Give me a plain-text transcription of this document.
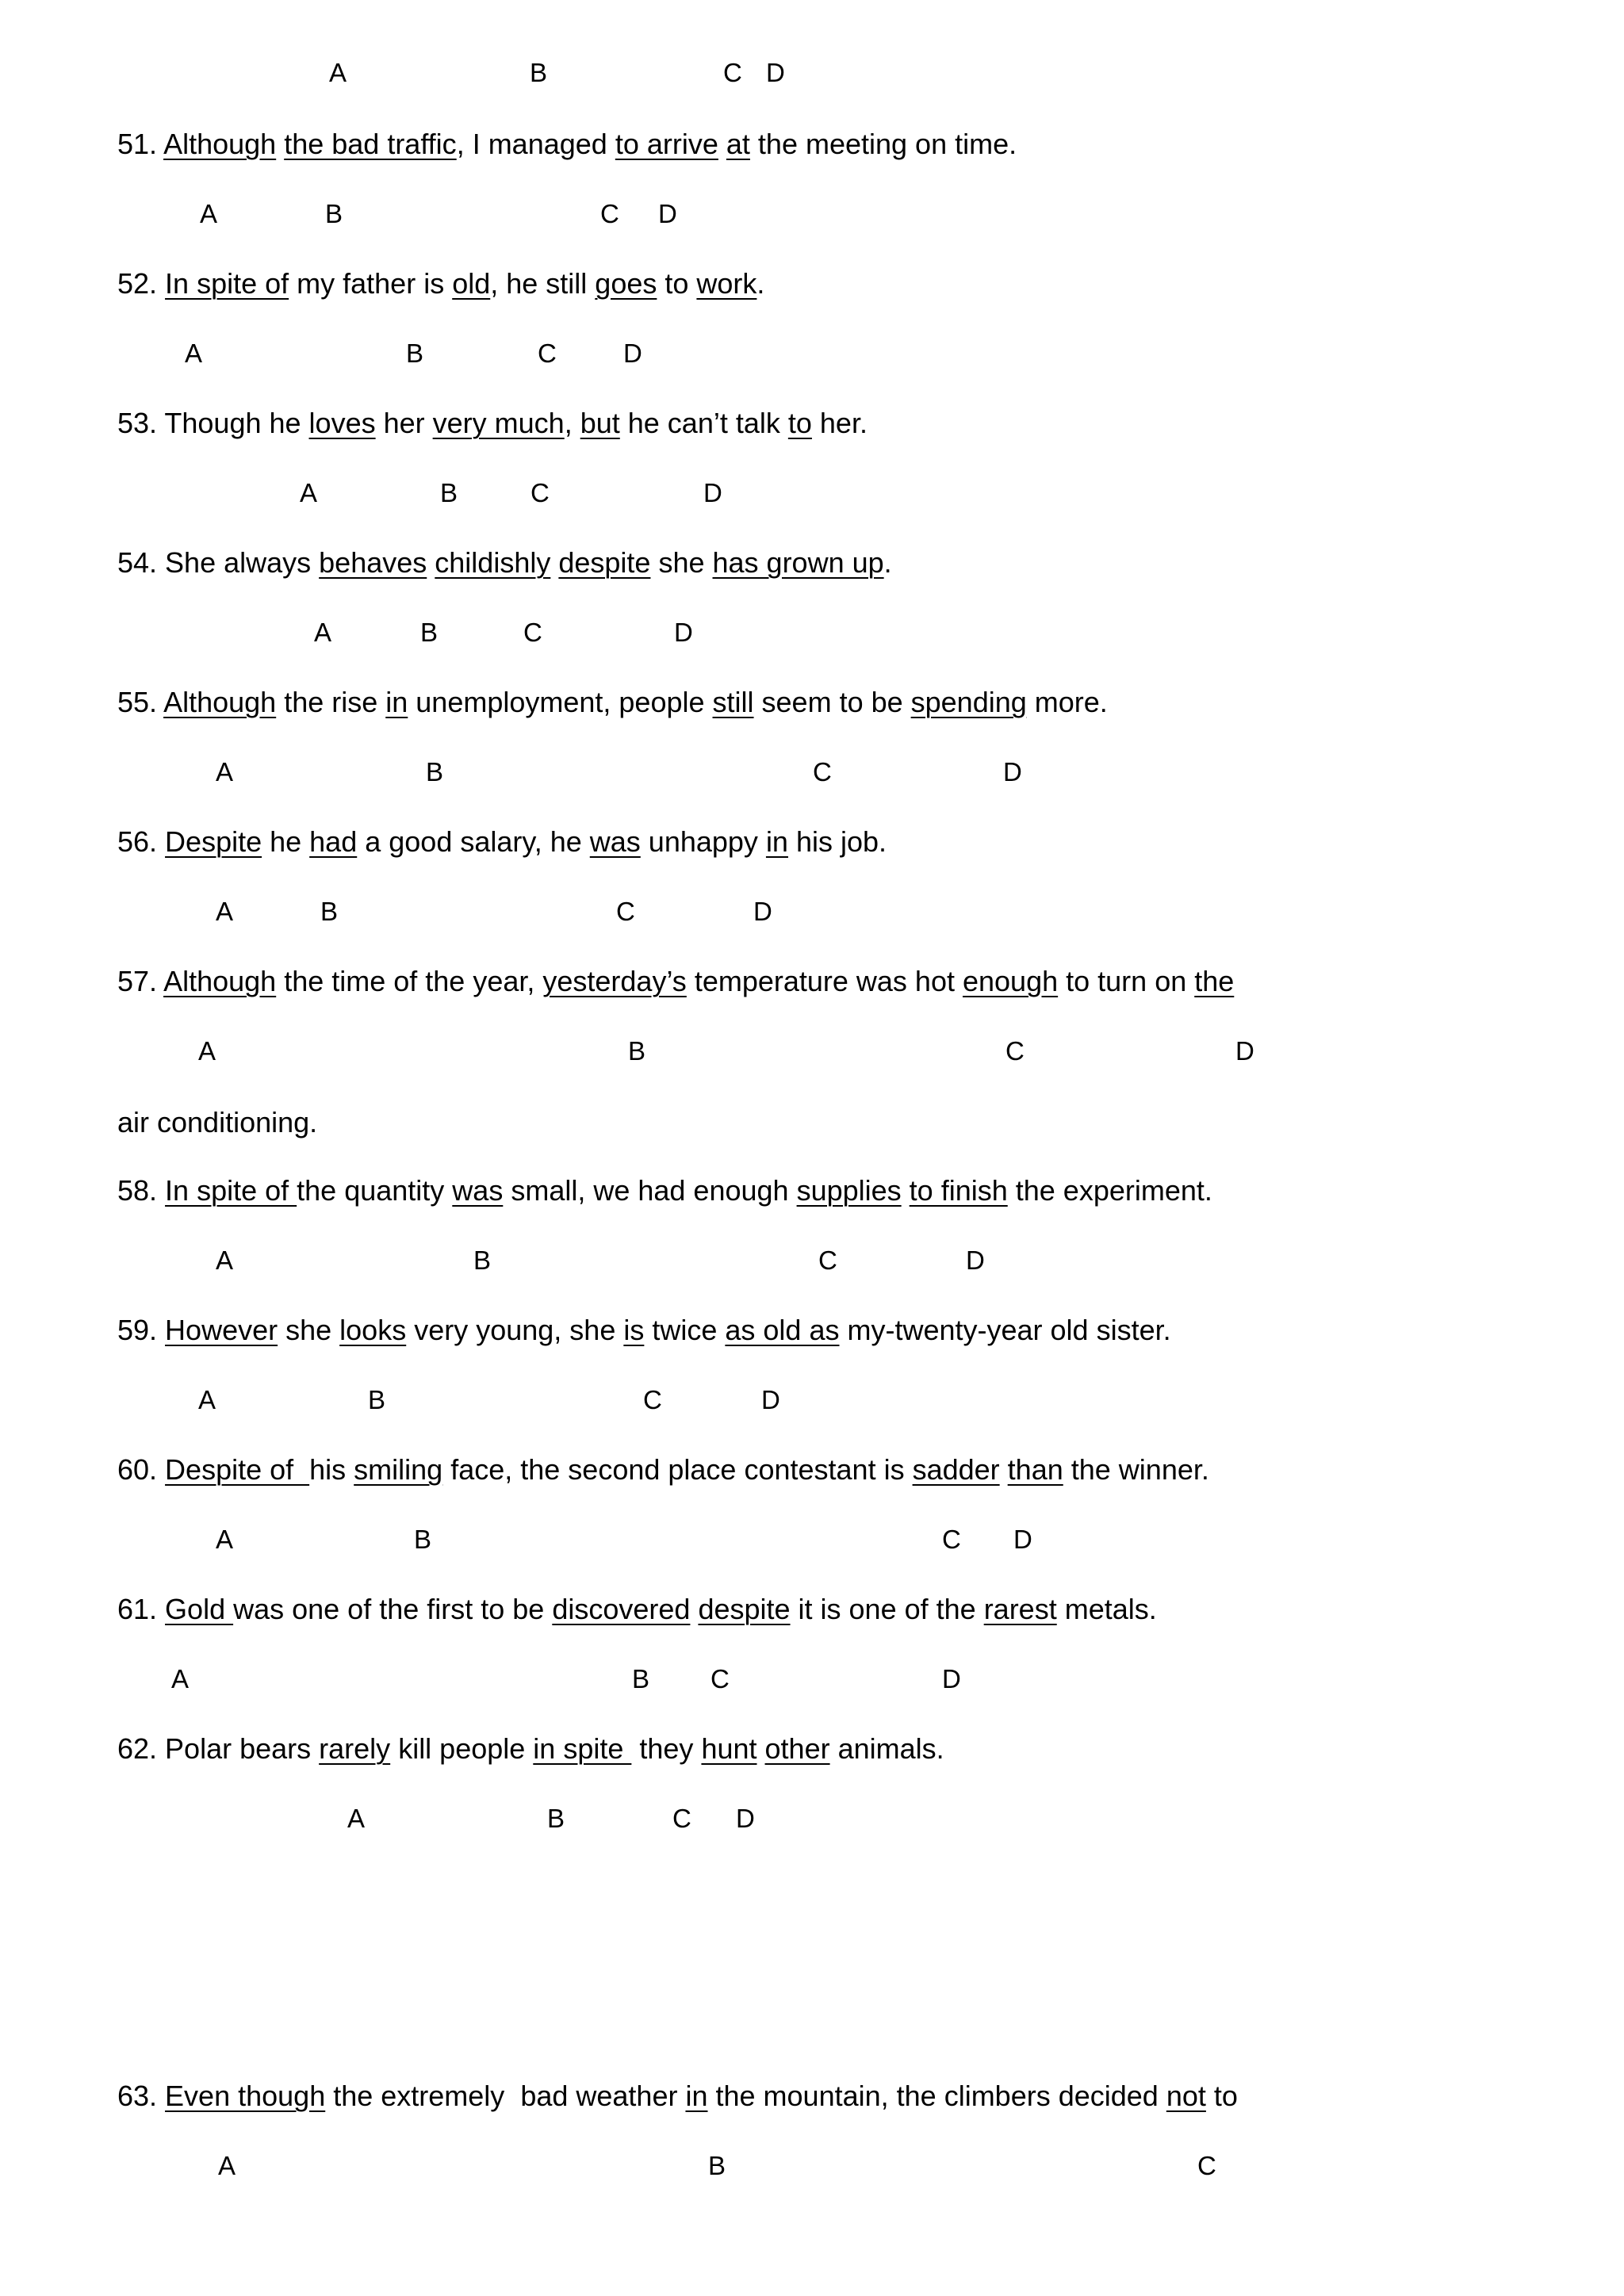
A	B	C D
51. Although the bad traffic, I managed to arrive at the meeting on time.
A	B	C D
52. In spite of my father is old, he still goes to work.
A	B	C	D
53. Though he loves her very much, but he can’t talk to her.
A	B	C	D
54. She always behaves childishly despite she has grown up.
A	B	C	D
55. Although the rise in unemployment, people still seem to be spending more.
A	B	C	D
56. Despite he had a good salary, he was unhappy in his job.
A	B	C	D
57. Although the time of the year, yesterday’s temperature was hot enough to turn on the
A	B	C	D
air conditioning.
58. In spite of the quantity was small, we had enough supplies to finish the experiment.
A	B	C	D
59. However she looks very young, she is twice as old as my-twenty-year old sister.
A	B	C	D
60. Despite of  his smiling face, the second place contestant is sadder than the winner.
A	B	C D
61. Gold was one of the first to be discovered despite it is one of the rarest metals.
A	B C	D
62. Polar bears rarely kill people in spite  they hunt other animals.
A	B	C D
63. Even though the extremely  bad weather in the mountain, the climbers decided not to
A	B	C
